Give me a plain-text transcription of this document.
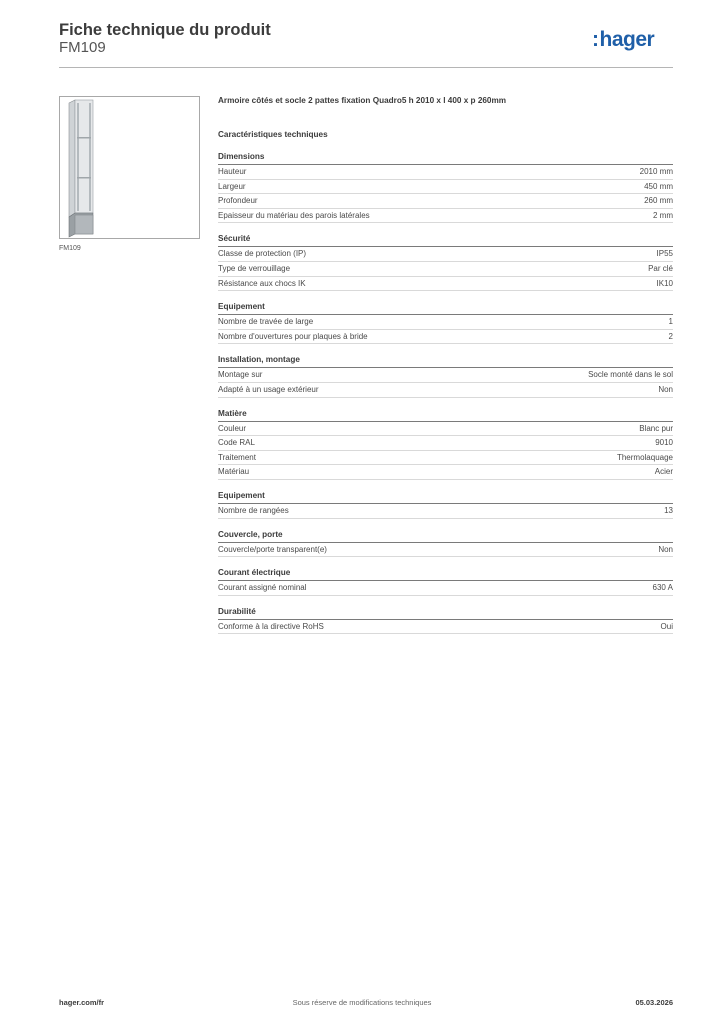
Fiche technique du produit
FM109	:hager
FM109
Armoire côtés et socle 2 pattes fixation Quadro5 h 2010 x l 400 x p 260mm
Caractéristiques techniques
Dimensions
Hauteur	2010 mm
Largeur	450 mm
Profondeur	260 mm
Epaisseur du matériau des parois latérales	2 mm
Sécurité
Classe de protection (IP)	IP55
Type de verrouillage	Par clé
Résistance aux chocs IK	IK10
Equipement
Nombre de travée de large	1
Nombre d'ouvertures pour plaques à bride	2
Installation, montage
Montage sur	Socle monté dans le sol
Adapté à un usage extérieur	Non
Matière
Couleur	Blanc pur
Code RAL	9010
Traitement	Thermolaquage
Matériau	Acier
Equipement
Nombre de rangées	13
Couvercle, porte
Couvercle/porte transparent(e)	Non
Courant électrique
Courant assigné nominal	630 A
Durabilité
Conforme à la directive RoHS	Oui
hager.com/fr	Sous réserve de modifications techniques	05.03.2026
